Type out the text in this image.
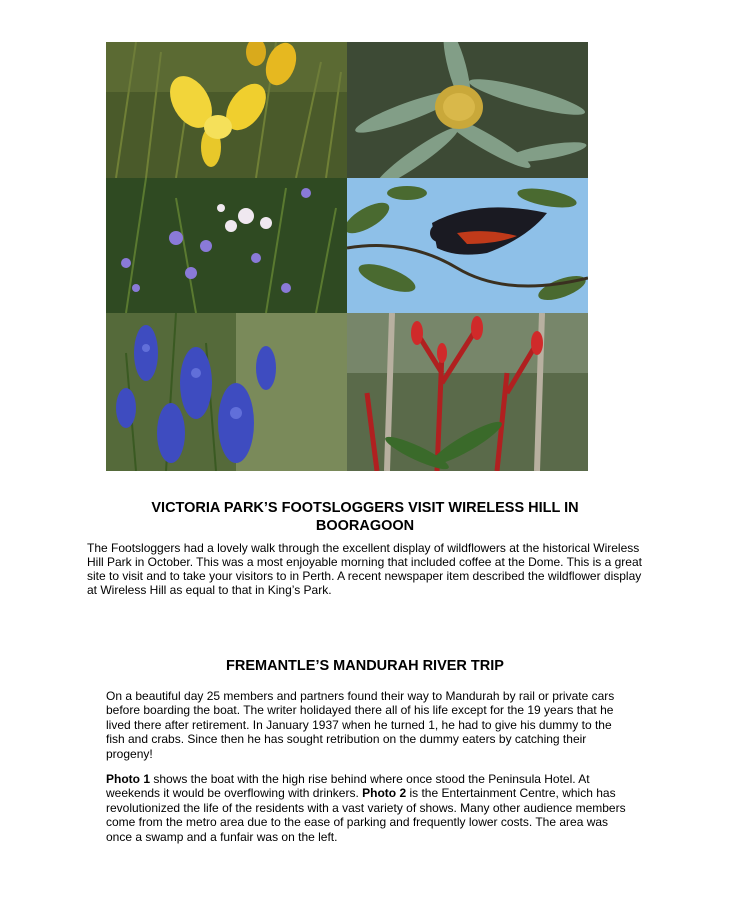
VICTORIA PARK’S FOOTSLOGGERS VISIT WIRELESS HILL IN
BOORAGOON

The Footsloggers had a lovely walk through the excellent display of wildflowers at the historical Wireless Hill Park in October. This was a most enjoyable morning that included coffee at the Dome. This is a great site to visit and to take your visitors to in Perth. A recent newspaper item described the wildflower display at Wireless Hill as equal to that in King’s Park.

FREMANTLE’S MANDURAH RIVER TRIP

On a beautiful day 25 members and partners found their way to Mandurah by rail or private cars before boarding the boat. The writer holidayed there all of his life except for the 19 years that he lived there after retirement. In January 1937 when he turned 1, he had to give his dummy to the fish and crabs. Since then he has sought retribution on the dummy eaters by catching their progeny!

Photo 1 shows the boat with the high rise behind where once stood the Peninsula Hotel. At weekends it would be overflowing with drinkers. Photo 2 is the Entertainment Centre, which has revolutionized the life of the residents with a vast variety of shows. Many other audience members come from the metro area due to the ease of parking and frequently lower costs. The area was once a swamp and a funfair was on the left.
